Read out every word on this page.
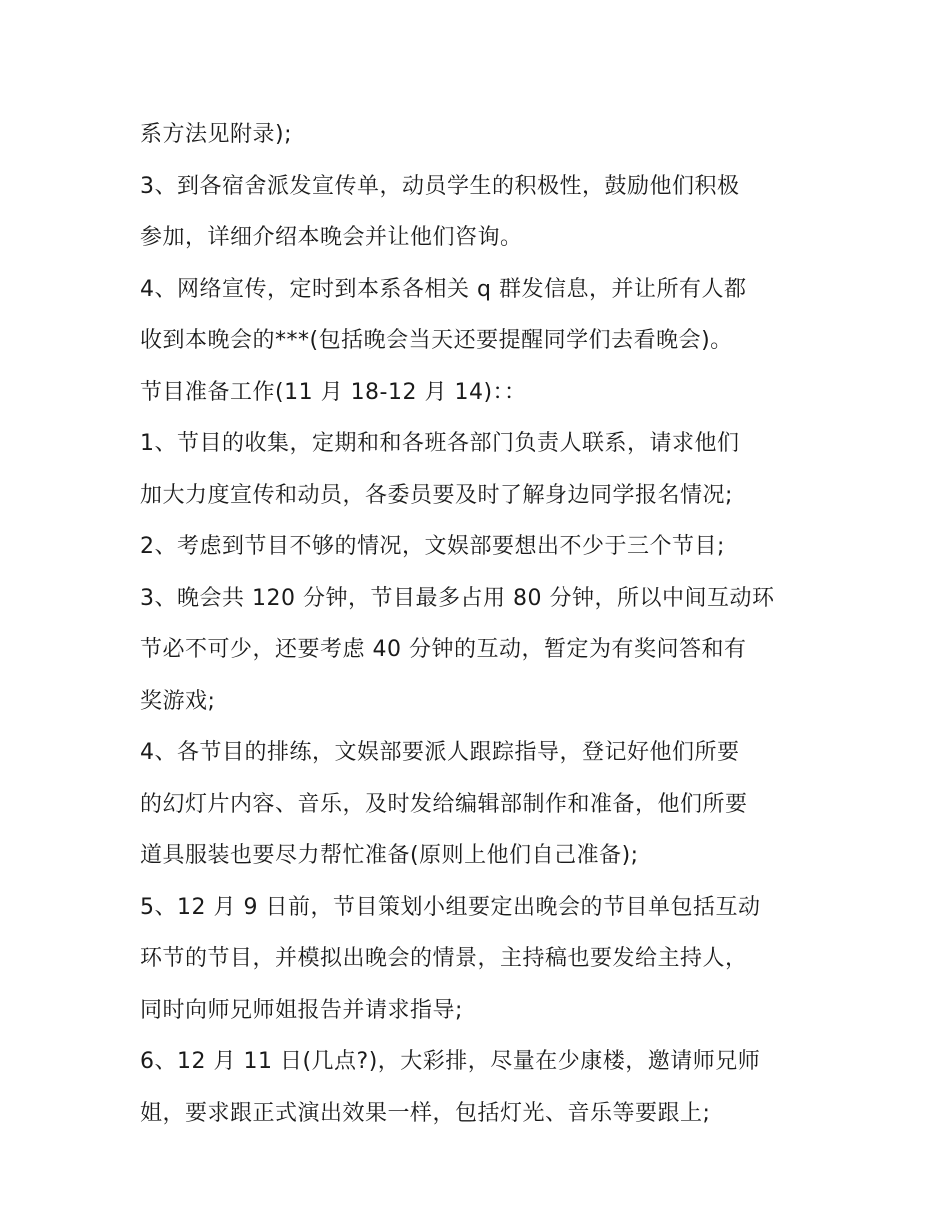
系方法见附录);
3、到各宿舍派发宣传单，动员学生的积极性，鼓励他们积极
参加，详细介绍本晚会并让他们咨询。
4、网络宣传，定时到本系各相关 q 群发信息，并让所有人都
收到本晚会的***(包括晚会当天还要提醒同学们去看晚会)。
节目准备工作(11 月 18-12 月 14)：：
1、节目的收集，定期和和各班各部门负责人联系，请求他们
加大力度宣传和动员，各委员要及时了解身边同学报名情况;
2、考虑到节目不够的情况，文娱部要想出不少于三个节目;
3、晚会共 120 分钟，节目最多占用 80 分钟，所以中间互动环
节必不可少，还要考虑 40 分钟的互动，暂定为有奖问答和有
奖游戏;
4、各节目的排练，文娱部要派人跟踪指导，登记好他们所要
的幻灯片内容、音乐，及时发给编辑部制作和准备，他们所要
道具服装也要尽力帮忙准备(原则上他们自己准备);
5、12 月 9 日前，节目策划小组要定出晚会的节目单包括互动
环节的节目，并模拟出晚会的情景，主持稿也要发给主持人，
同时向师兄师姐报告并请求指导;
6、12 月 11 日(几点?)，大彩排，尽量在少康楼，邀请师兄师
姐，要求跟正式演出效果一样，包括灯光、音乐等要跟上;
